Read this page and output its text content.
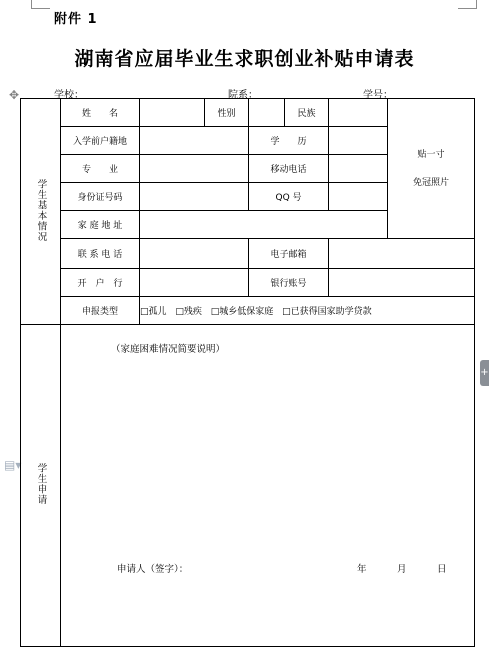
附件 1
湖南省应届毕业生求职创业补贴申请表
学校：	院系：	学号：
✥
+
▤▾
学生基本情况	姓　　名		性别		民族		贴一寸
免冠照片

	入学前户籍地			学　　历			
	专　　业			移动电话			
	身份证号码			QQ 号			
	家 庭 地 址						
	联 系 电 话			电子邮箱			
	开　户　行			银行账号			
	申报类型	□孤儿 □残疾 □城乡低保家庭 □已获得国家助学贷款					
学生申请	（家庭困难情况简要说明）
申请人（签字）： 年 月 日						
